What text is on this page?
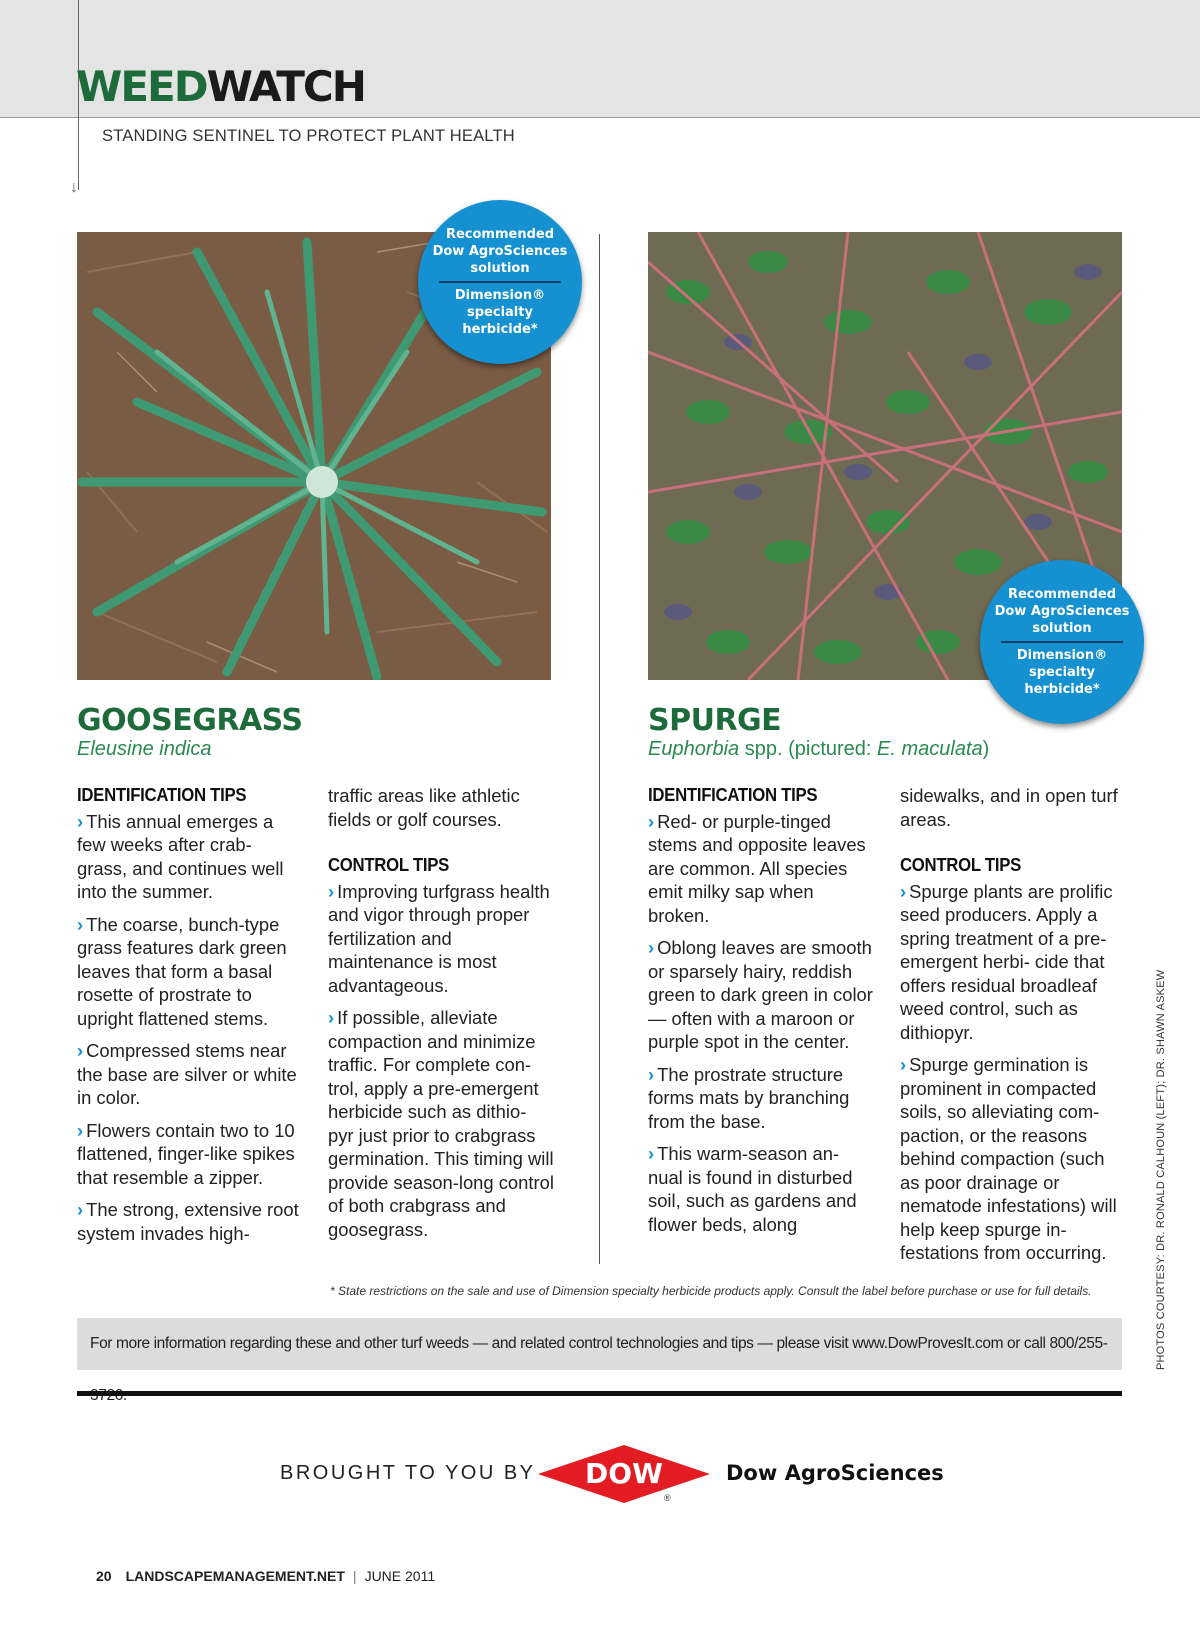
↓
WEEDWATCH
STANDING SENTINEL TO PROTECT PLANT HEALTH
Recommended
Dow AgroSciences
solution
Dimension®
specialty
herbicide*
Recommended
Dow AgroSciences
solution
Dimension®
specialty
herbicide*
GOOSEGRASS
Eleusine indica
IDENTIFICATION TIPS

› This annual emerges a few weeks after crab- grass, and continues well into the summer.

› The coarse, bunch-type grass features dark green leaves that form a basal rosette of prostrate to upright flattened stems.

› Compressed stems near the base are silver or white in color.

› Flowers contain two to 10 flattened, finger-like spikes that resemble a zipper.

› The strong, extensive root system invades high-

traffic areas like athletic fields or golf courses.

CONTROL TIPS

› Improving turfgrass health and vigor through proper fertilization and maintenance is most advantageous.

› If possible, alleviate compaction and minimize traffic. For complete con- trol, apply a pre-emergent herbicide such as dithio- pyr just prior to crabgrass germination. This timing will provide season-long control of both crabgrass and goosegrass.

SPURGE
Euphorbia spp. (pictured: E. maculata)
IDENTIFICATION TIPS

› Red- or purple-tinged stems and opposite leaves are common. All species emit milky sap when broken.

› Oblong leaves are smooth or sparsely hairy, reddish green to dark green in color — often with a maroon or purple spot in the center.

› The prostrate structure forms mats by branching from the base.

› This warm-season an- nual is found in disturbed soil, such as gardens and flower beds, along

sidewalks, and in open turf areas.

CONTROL TIPS

› Spurge plants are prolific seed producers. Apply a spring treatment of a pre-emergent herbi- cide that offers residual broadleaf weed control, such as dithiopyr.

› Spurge germination is prominent in compacted soils, so alleviating com- paction, or the reasons behind compaction (such as poor drainage or nematode infestations) will help keep spurge in- festations from occurring.

* State restrictions on the sale and use of Dimension specialty herbicide products apply. Consult the label before purchase or use for full details.	PHOTOS COURTESY: DR. RONALD CALHOUN (LEFT); DR. SHAWN ASKEW
For more information regarding these and other turf weeds — and related control technologies and tips — please visit www.DowProvesIt.com or call 800/255-
BROUGHT TO YOU BY DOW
®
Dow AgroSciences
20 LANDSCAPEMANAGEMENT.NET | JUNE 2011
